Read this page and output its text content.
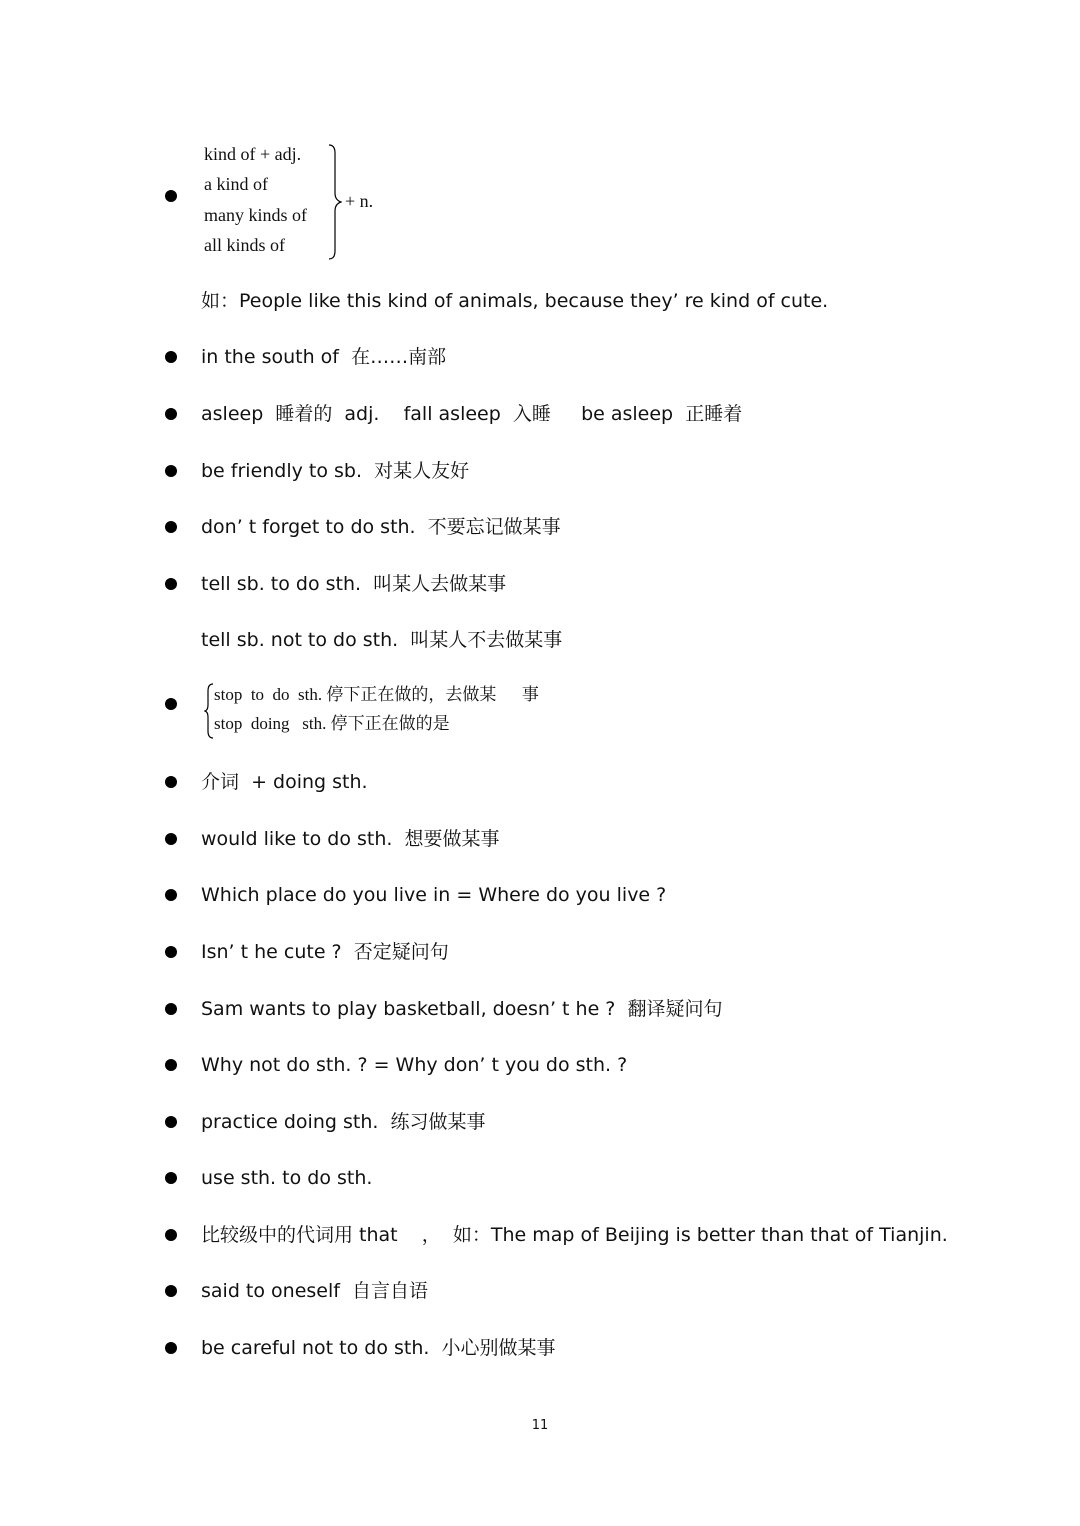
kind of + adj.
a kind of
many kinds of
all kinds of
+ n.
如：People like this kind of animals, because they’ re kind of cute.
in the south of  在……南部
asleep  睡着的  adj.    fall asleep  入睡     be asleep  正睡着
be friendly to sb.  对某人友好
don’ t forget to do sth.  不要忘记做某事
tell sb. to do sth.  叫某人去做某事
tell sb. not to do sth.  叫某人不去做某事
stop  to  do  sth. 停下正在做的，去做某      事
stop  doing   sth. 停下正在做的是
介词  + doing sth.
would like to do sth.  想要做某事
Which place do you live in = Where do you live ?
Isn’ t he cute ?  否定疑问句
Sam wants to play basketball, doesn’ t he ?  翻译疑问句
Why not do sth. ? = Why don’ t you do sth. ?
practice doing sth.  练习做某事
use sth. to do sth.
比较级中的代词用 that    ，  如：The map of Beijing is better than that of Tianjin.
said to oneself  自言自语
be careful not to do sth.  小心别做某事
11
